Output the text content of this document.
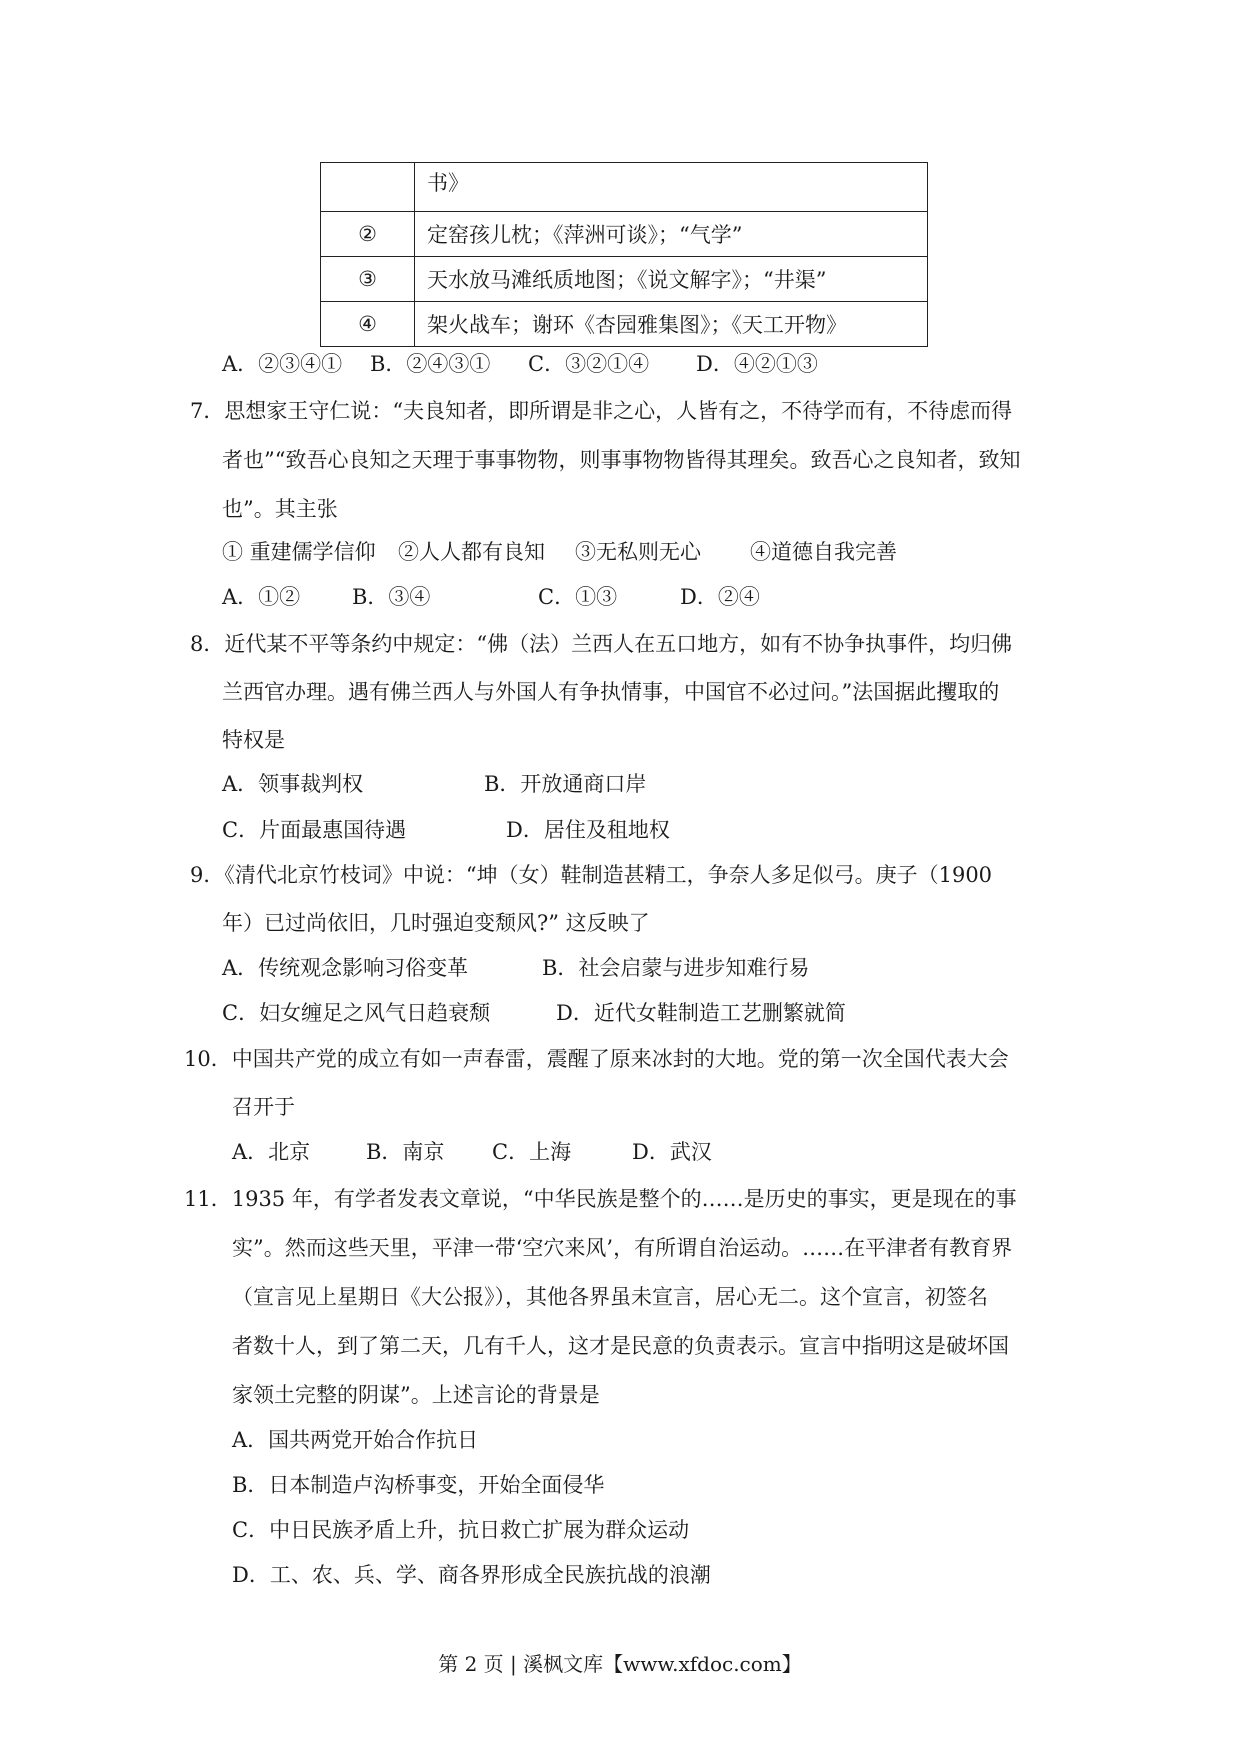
	书》
②	定窑孩儿枕；《萍洲可谈》；“气学”
③	天水放马滩纸质地图；《说文解字》；“井渠”
④	架火战车；谢环《杏园雅集图》；《天工开物》
A．②③④① B．②④③① C．③②①④ D．④②①③
7．思想家王守仁说：“夫良知者，即所谓是非之心，人皆有之，不待学而有，不待虑而得
者也”“致吾心良知之天理于事事物物，则事事物物皆得其理矣。致吾心之良知者，致知
也”。其主张
① 重建儒学信仰 ②人人都有良知 ③无私则无心 ④道德自我完善
A．①② B．③④	C．①③	D．②④
8．近代某不平等条约中规定：“佛（法）兰西人在五口地方，如有不协争执事件，均归佛
兰西官办理。遇有佛兰西人与外国人有争执情事，中国官不必过问。”法国据此攫取的
特权是
A．领事裁判权	B．开放通商口岸
C．片面最惠国待遇	D．居住及租地权
9．《清代北京竹枝词》中说：“坤（女）鞋制造甚精工，争奈人多足似弓。庚子（1900
年）已过尚依旧，几时强迫变颓风?” 这反映了
A．传统观念影响习俗变革	B．社会启蒙与进步知难行易
C．妇女缠足之风气日趋衰颓	D．近代女鞋制造工艺删繁就简
10．中国共产党的成立有如一声春雷，震醒了原来冰封的大地。党的第一次全国代表大会
召开于
A．北京	B．南京 C．上海	D．武汉
11．1935 年，有学者发表文章说，“中华民族是整个的……是历史的事实，更是现在的事
实”。然而这些天里，平津一带‘空穴来风’，有所谓自治运动。……在平津者有教育界
（宣言见上星期日《大公报》），其他各界虽未宣言，居心无二。这个宣言，初签名
者数十人，到了第二天，几有千人，这才是民意的负责表示。宣言中指明这是破坏国
家领土完整的阴谋”。上述言论的背景是
A．国共两党开始合作抗日
B．日本制造卢沟桥事变，开始全面侵华
C．中日民族矛盾上升，抗日救亡扩展为群众运动
D．工、农、兵、学、商各界形成全民族抗战的浪潮
第 2 页 | 溪枫文库【www.xfdoc.com】
